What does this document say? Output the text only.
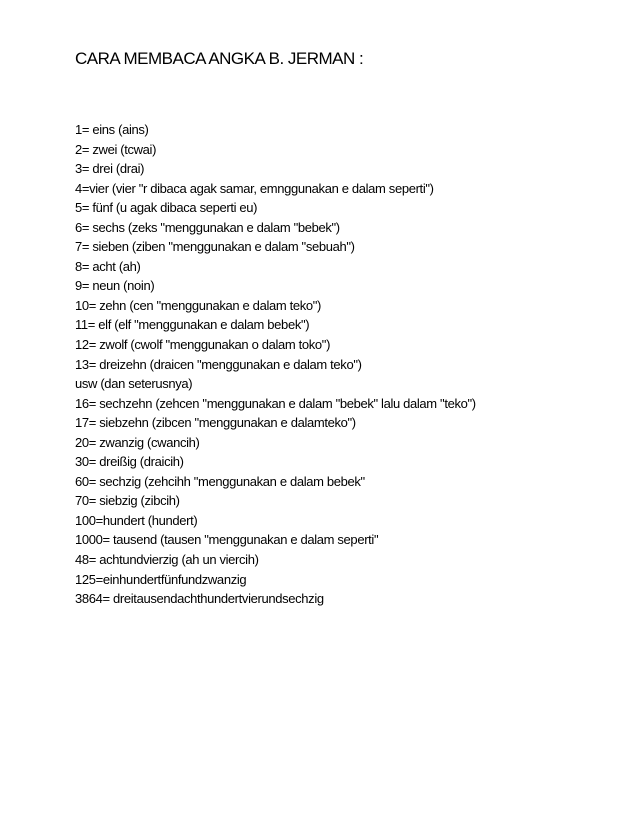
CARA MEMBACA ANGKA B. JERMAN :
1= eins (ains)
2= zwei (tcwai)
3= drei (drai)
4=vier (vier "r dibaca agak samar, emnggunakan e dalam seperti")
5= fünf (u agak dibaca seperti eu)
6= sechs (zeks "menggunakan e dalam "bebek")
7= sieben (ziben "menggunakan e dalam "sebuah")
8= acht (ah)
9= neun (noin)
10= zehn (cen "menggunakan e dalam teko")
11= elf (elf "menggunakan e dalam bebek")
12= zwolf (cwolf "menggunakan o dalam toko")
13= dreizehn (draicen "menggunakan e dalam teko")
usw (dan seterusnya)
16= sechzehn (zehcen "menggunakan e dalam "bebek" lalu dalam "teko")
17= siebzehn (zibcen "menggunakan e dalamteko")
20= zwanzig (cwancih)
30= dreißig (draicih)
60= sechzig (zehcihh "menggunakan e dalam bebek"
70= siebzig (zibcih)
100=hundert (hundert)
1000= tausend (tausen "menggunakan e dalam seperti"
48= achtundvierzig (ah un viercih)
125=einhundertfünfundzwanzig
3864= dreitausendachthundertvierundsechzig
